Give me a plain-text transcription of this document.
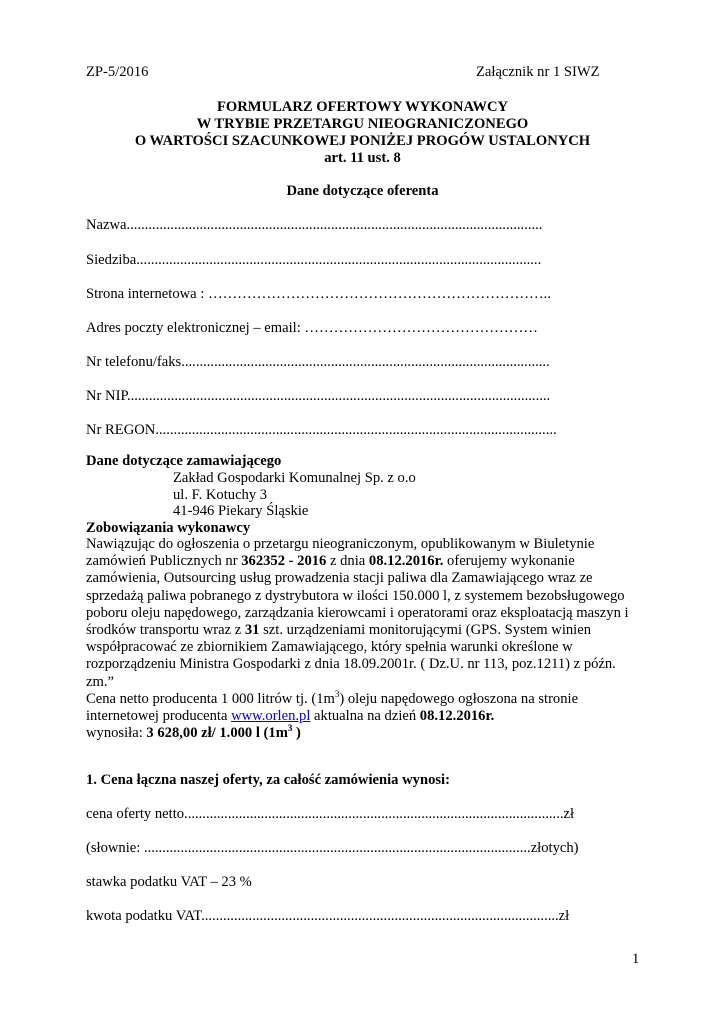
ZP-5/2016	Załącznik nr 1 SIWZ
FORMULARZ OFERTOWY WYKONAWCY
W TRYBIE PRZETARGU NIEOGRANICZONEGO
O WARTOŚCI SZACUNKOWEJ PONIŻEJ PROGÓW USTALONYCH
art. 11 ust. 8
Dane dotyczące oferenta
Nazwa..................................................................................................................
Siedziba...............................................................................................................
Strona internetowa : ……………………………………………………………..
Adres poczty elektronicznej – email: …………………………………………
Nr telefonu/faks.....................................................................................................
Nr NIP....................................................................................................................
Nr REGON..............................................................................................................
Dane dotyczące zamawiającego
Zakład Gospodarki Komunalnej Sp. z o.o
ul. F. Kotuchy 3
41-946 Piekary Śląskie
Zobowiązania wykonawcy

Nawiązując do ogłoszenia o przetargu nieograniczonym, opublikowanym w Biuletynie zamówień Publicznych nr 362352 - 2016 z dnia 08.12.2016r. oferujemy wykonanie zamówienia, Outsourcing usług prowadzenia stacji paliwa dla Zamawiającego wraz ze sprzedażą paliwa pobranego z dystrybutora w ilości 150.000 l, z systemem bezobsługowego poboru oleju napędowego, zarządzania kierowcami i operatorami oraz eksploatacją maszyn i środków transportu wraz z 31 szt. urządzeniami monitorującymi (GPS. System winien współpracować ze zbiornikiem Zamawiającego, który spełnia warunki określone w rozporządzeniu Ministra Gospodarki z dnia 18.09.2001r. ( Dz.U. nr 113, poz.1211) z późn. zm.”

Cena netto producenta 1 000 litrów tj. $(1m^3)$ oleju napędowego ogłoszona na stronie internetowej producenta www.orlen.pl aktualna na dzień 08.12.2016r.

wynosiła: 3 628,00 zł/ 1.000 l ($1m^3$ )

1. Cena łączna naszej oferty, za całość zamówienia wynosi:
cena oferty netto........................................................................................................zł
(słownie: ..........................................................................................................złotych)
stawka podatku VAT – 23 %
kwota podatku VAT..................................................................................................zł
1
